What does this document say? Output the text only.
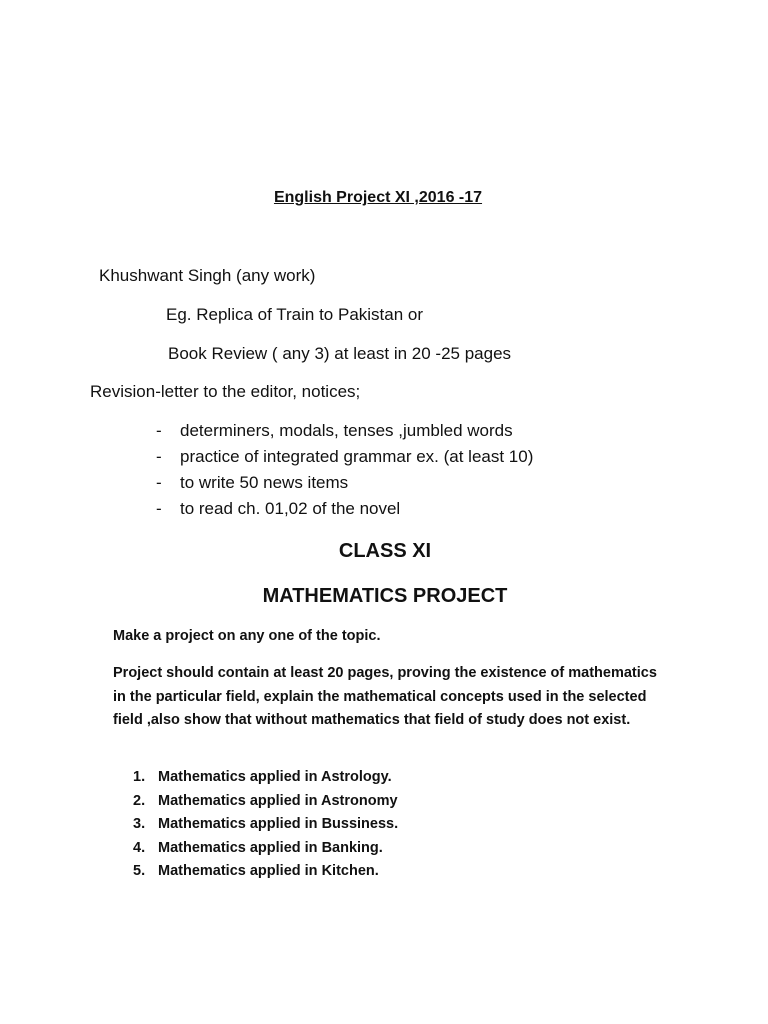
English Project XI ,2016 -17
Khushwant Singh (any work)
Eg. Replica of Train to Pakistan or
Book Review ( any 3) at least in 20 -25 pages
Revision-letter to the editor, notices;
-	determiners, modals, tenses ,jumbled words
-	practice of integrated grammar ex. (at least 10)
-	to write 50 news items
-	to read ch. 01,02 of the novel
CLASS XI
MATHEMATICS PROJECT
Make a project on any one of the topic.
Project should contain at least 20 pages, proving the existence of mathematics in the particular field, explain the mathematical concepts used in the selected field ,also show that without mathematics that field of study does not exist.
1. Mathematics applied in Astrology.
2. Mathematics applied in Astronomy
3. Mathematics applied in Bussiness.
4. Mathematics applied in Banking.
5. Mathematics applied in Kitchen.
